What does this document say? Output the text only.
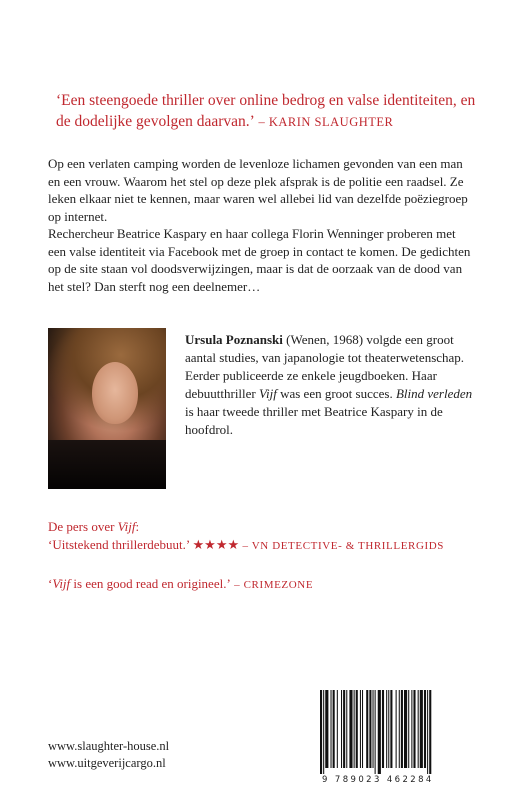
‘Een steengoede thriller over online bedrog en valse identiteiten, en de dodelijke gevolgen daarvan.’ – KARIN SLAUGHTER

Op een verlaten camping worden de levenloze lichamen gevonden van een man en een vrouw. Waarom het stel op deze plek afsprak is de politie een raadsel. Ze leken elkaar niet te kennen, maar waren wel allebei lid van dezelfde poëziegroep op internet.

Rechercheur Beatrice Kaspary en haar collega Florin Wenninger proberen met een valse identiteit via Facebook met de groep in contact te komen. De gedichten op de site staan vol doodsverwijzingen, maar is dat de oorzaak van de dood van het stel? Dan sterft nog een deelnemer…

Ursula Poznanski (Wenen, 1968) volgde een groot aantal studies, van japanologie tot theaterwetenschap. Eerder publiceerde ze enkele jeugdboeken. Haar debuutthriller Vijf was een groot succes. Blind verleden is haar tweede thriller met Beatrice Kaspary in de hoofdrol.
De pers over Vijf:
‘Uitstekend thrillerdebuut.’ ★★★★ – VN DETECTIVE- & THRILLERGIDS
‘Vijf is een good read en origineel.’ – CRIMEZONE
www.slaughter-house.nl
www.uitgeverijcargo.nl
9 789023 462284
